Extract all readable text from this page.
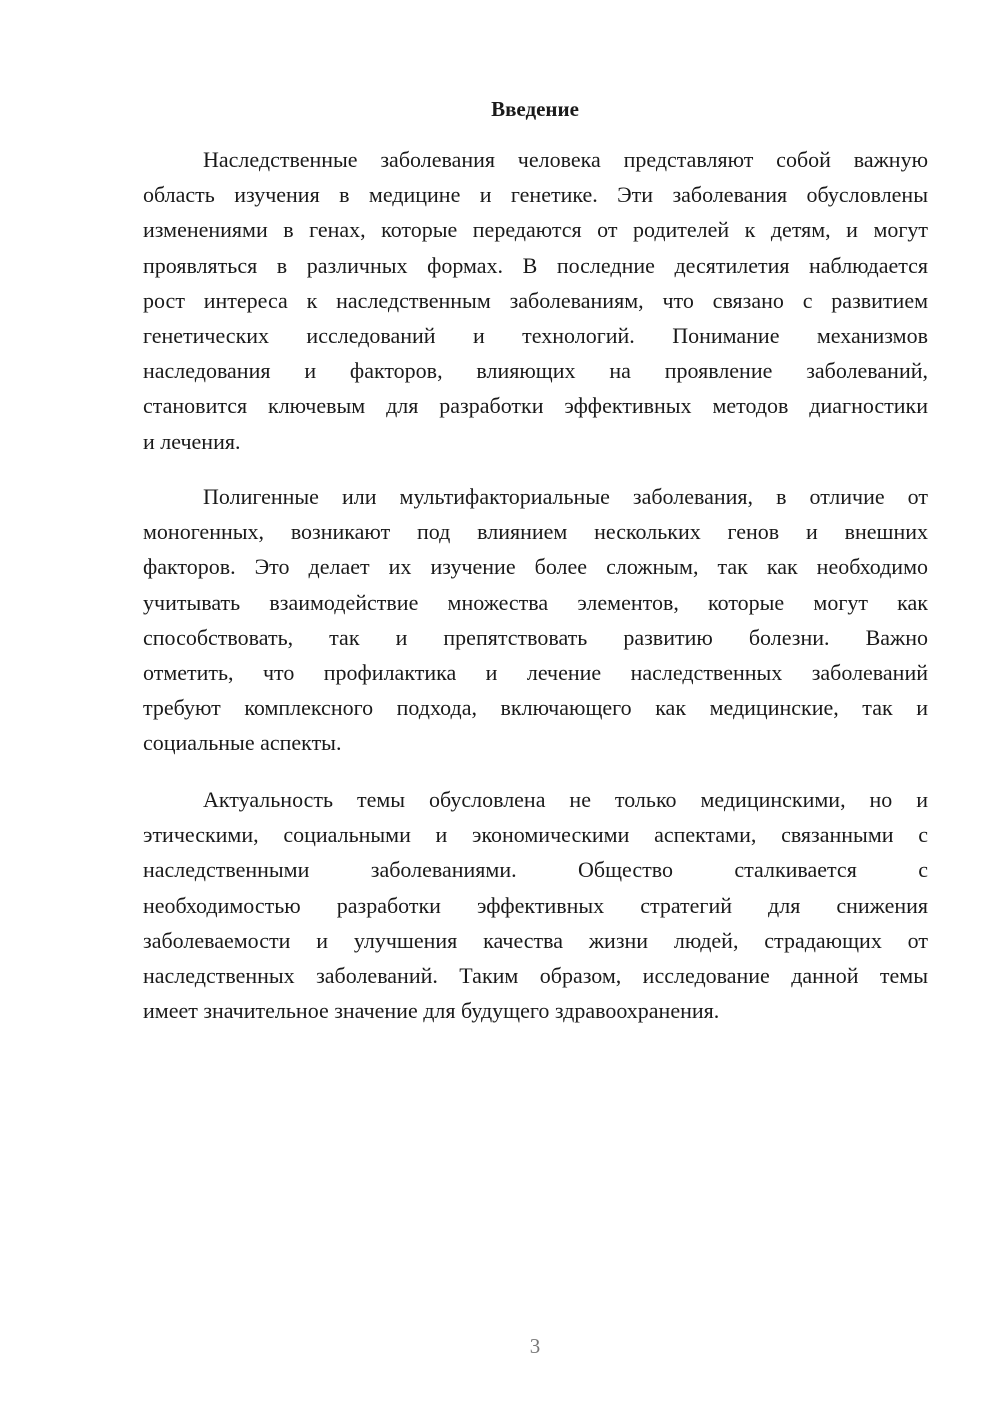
Введение
Наследственные заболевания человека представляют собой важную
область изучения в медицине и генетике. Эти заболевания обусловлены
изменениями в генах, которые передаются от родителей к детям, и могут
проявляться в различных формах. В последние десятилетия наблюдается
рост интереса к наследственным заболеваниям, что связано с развитием
генетических исследований и технологий. Понимание механизмов
наследования и факторов, влияющих на проявление заболеваний,
становится ключевым для разработки эффективных методов диагностики
и лечения.
Полигенные или мультифакториальные заболевания, в отличие от
моногенных, возникают под влиянием нескольких генов и внешних
факторов. Это делает их изучение более сложным, так как необходимо
учитывать взаимодействие множества элементов, которые могут как
способствовать, так и препятствовать развитию болезни. Важно
отметить, что профилактика и лечение наследственных заболеваний
требуют комплексного подхода, включающего как медицинские, так и
социальные аспекты.
Актуальность темы обусловлена не только медицинскими, но и
этическими, социальными и экономическими аспектами, связанными с
наследственными заболеваниями. Общество сталкивается с
необходимостью разработки эффективных стратегий для снижения
заболеваемости и улучшения качества жизни людей, страдающих от
наследственных заболеваний. Таким образом, исследование данной темы
имеет значительное значение для будущего здравоохранения.
3
